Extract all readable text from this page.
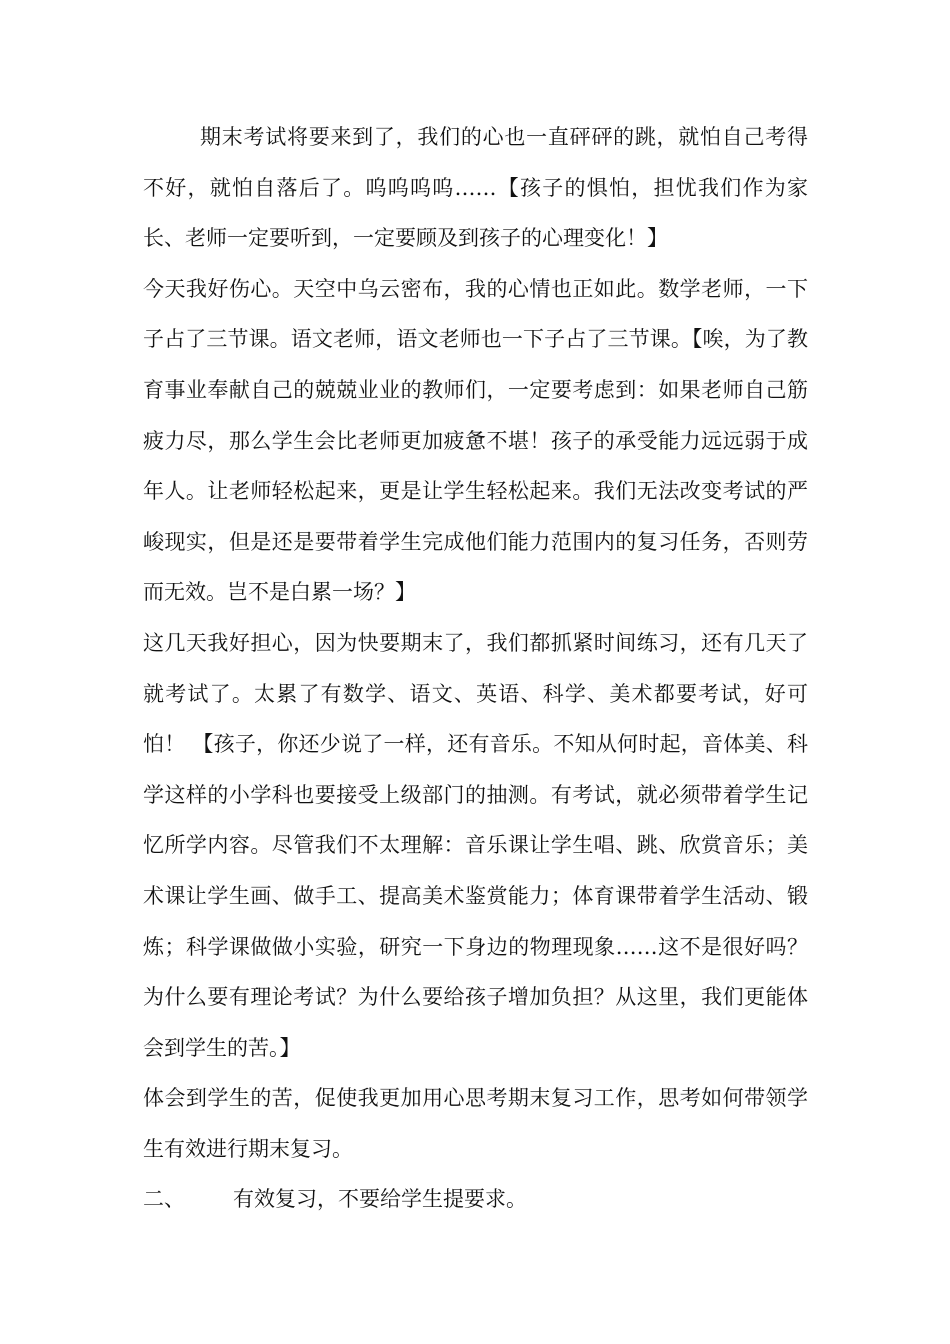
期末考试将要来到了，我们的心也一直砰砰的跳，就怕自己考得不好，就怕自落后了。呜呜呜呜……【孩子的惧怕，担忧我们作为家长、老师一定要听到，一定要顾及到孩子的心理变化！】

今天我好伤心。天空中乌云密布，我的心情也正如此。数学老师，一下子占了三节课。语文老师，语文老师也一下子占了三节课。【唉，为了教育事业奉献自己的兢兢业业的教师们，一定要考虑到：如果老师自己筋疲力尽，那么学生会比老师更加疲惫不堪！孩子的承受能力远远弱于成年人。让老师轻松起来，更是让学生轻松起来。我们无法改变考试的严峻现实，但是还是要带着学生完成他们能力范围内的复习任务，否则劳而无效。岂不是白累一场？】

这几天我好担心，因为快要期末了，我们都抓紧时间练习，还有几天了就考试了。太累了有数学、语文、英语、科学、美术都要考试，好可怕！ 【孩子，你还少说了一样，还有音乐。不知从何时起，音体美、科学这样的小学科也要接受上级部门的抽测。有考试，就必须带着学生记忆所学内容。尽管我们不太理解：音乐课让学生唱、跳、欣赏音乐；美术课让学生画、做手工、提高美术鉴赏能力；体育课带着学生活动、锻炼；科学课做做小实验，研究一下身边的物理现象……这不是很好吗？为什么要有理论考试？为什么要给孩子增加负担？从这里，我们更能体会到学生的苦。】

体会到学生的苦，促使我更加用心思考期末复习工作，思考如何带领学生有效进行期末复习。

二、 有效复习，不要给学生提要求。
